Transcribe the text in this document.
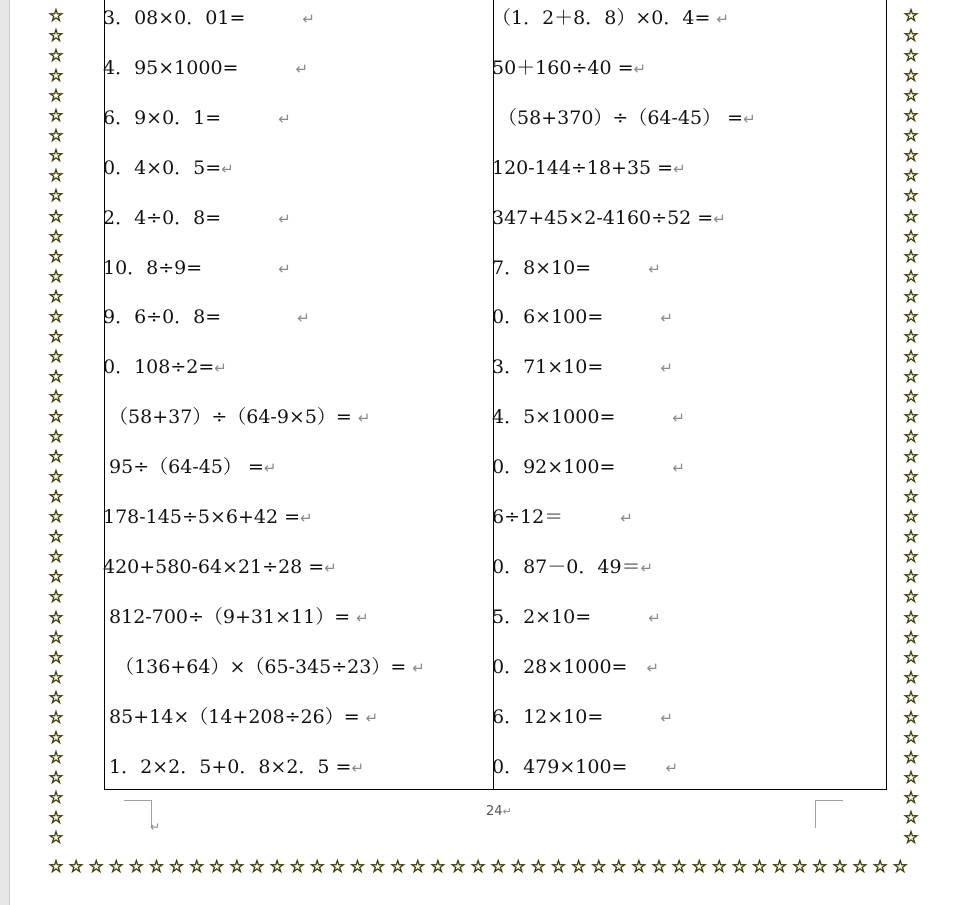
☆	☆
☆	☆
☆	☆
☆	☆
☆	☆
☆	☆
☆	☆
☆	☆
☆	☆
☆	☆
☆	☆
☆	☆
☆	☆
☆	☆
☆	☆
☆	☆
☆	☆
☆	☆
☆	☆
☆	☆
☆	☆
☆	☆
☆	☆
☆	☆
☆	☆
☆	☆
☆	☆
☆	☆
☆	☆
☆	☆
☆	☆
☆	☆
☆	☆
☆	☆
☆	☆
☆	☆
☆	☆
☆	☆
☆	☆
☆	☆
☆	☆
☆	☆
☆ ☆ ☆ ☆ ☆ ☆ ☆ ☆ ☆ ☆ ☆ ☆ ☆ ☆ ☆ ☆ ☆ ☆ ☆ ☆ ☆ ☆ ☆ ☆ ☆ ☆ ☆ ☆ ☆ ☆ ☆ ☆ ☆ ☆ ☆ ☆ ☆ ☆ ☆ ☆ ☆ ☆ ☆
3．08×0．01=　　　	↵
4．95×1000=　　　	↵
6．9×0．1=　　　	↵
0．4×0．5=↵
2．4÷0．8=　　　	↵
10．8÷9=　　　　	↵
9．6÷0．8=　　　　	↵
0．108÷2=↵
（58+37）÷（64-9×5）= ↵
95÷（64-45） =↵
178-145÷5×6+42 =↵
420+580-64×21÷28 =↵
812-700÷（9+31×11）= ↵
（136+64）×（65-345÷23）= ↵
85+14×（14+208÷26）= ↵
1．2×2．5+0．8×2．5 =↵
（1．2＋8．8）×0．4= ↵
50＋160÷40 =↵
（58+370）÷（64-45） =↵
120-144÷18+35 =↵
347+45×2-4160÷52 =↵
7．8×10=　　　	↵
0．6×100=　　　	↵
3．71×10=　　　	↵
4．5×1000=　　　	↵
0．92×100=　　　	↵
6÷12＝　　　	↵
0．87－0．49＝↵
5．2×10=　　　	↵
0．28×1000=　 ↵
6．12×10=　　　	↵
0．479×100=　　	↵
↵
24↵
